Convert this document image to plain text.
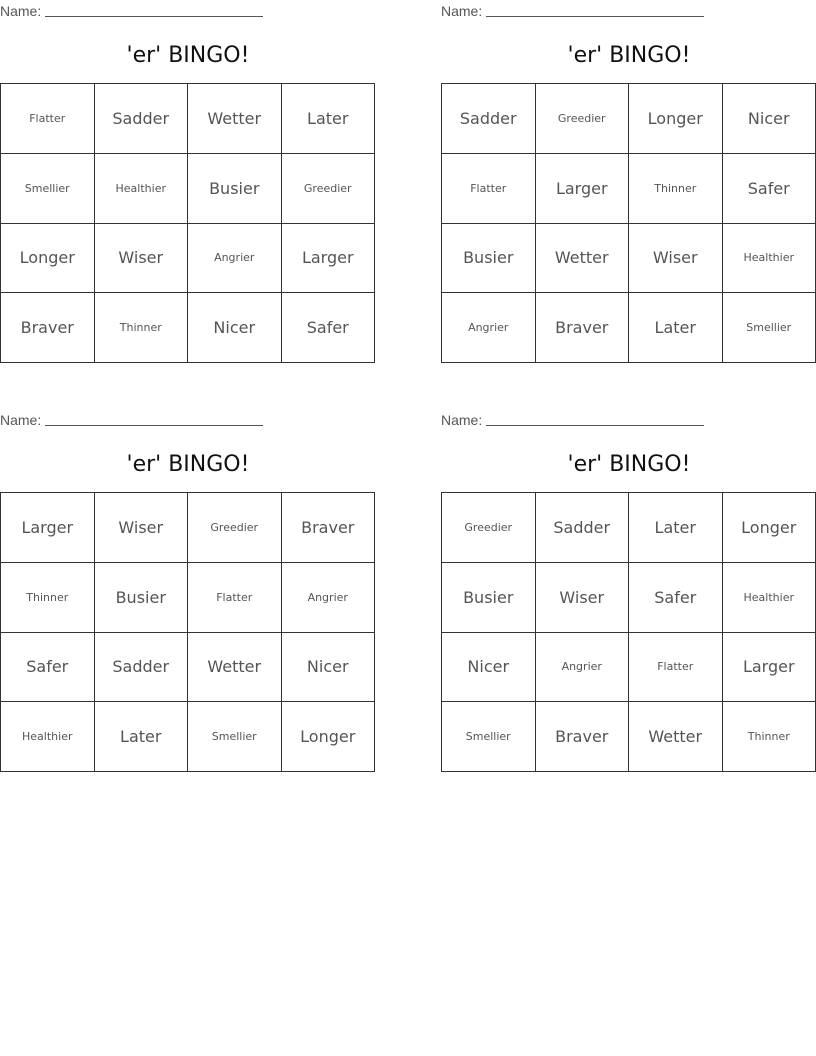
Name:
'er' BINGO!
Flatter	Sadder	Wetter	Later
Smellier	Healthier	Busier	Greedier
Longer	Wiser	Angrier	Larger
Braver	Thinner	Nicer	Safer
Name:
'er' BINGO!
Sadder	Greedier	Longer	Nicer
Flatter	Larger	Thinner	Safer
Busier	Wetter	Wiser	Healthier
Angrier	Braver	Later	Smellier
Name:
'er' BINGO!
Larger	Wiser	Greedier	Braver
Thinner	Busier	Flatter	Angrier
Safer	Sadder	Wetter	Nicer
Healthier	Later	Smellier	Longer
Name:
'er' BINGO!
Greedier	Sadder	Later	Longer
Busier	Wiser	Safer	Healthier
Nicer	Angrier	Flatter	Larger
Smellier	Braver	Wetter	Thinner
